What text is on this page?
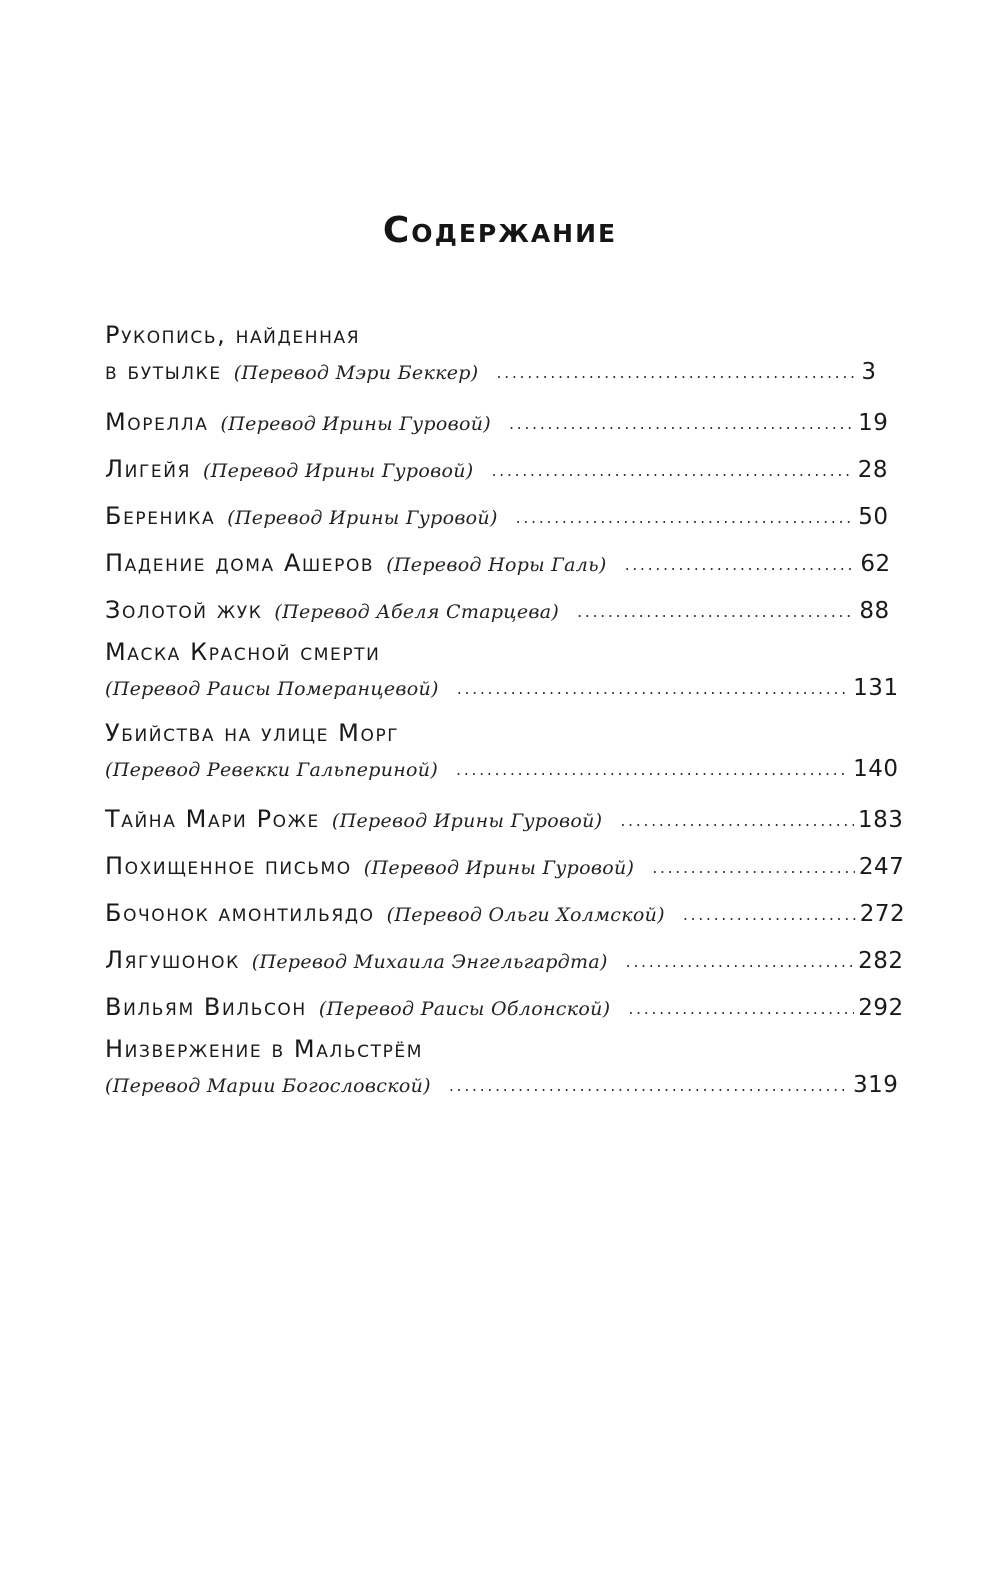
Содержание
Рукопись, найденная
в бутылке (Перевод Мэри Беккер) .....	3
Морелла (Перевод Ирины Гуровой) .....	19
Лигейя (Перевод Ирины Гуровой) .....	28
Береника (Перевод Ирины Гуровой) .....	50
Падение дома Ашеров (Перевод Норы Галь) .....	62
Золотой жук (Перевод Абеля Старцева) .....	88
Маска Красной смерти
(Перевод Раисы Померанцевой) .....	131
Убийства на улице Морг
(Перевод Ревекки Гальпериной) .....	140
Тайна Мари Роже (Перевод Ирины Гуровой) .....	183
Похищенное письмо (Перевод Ирины Гуровой) .....	247
Бочонок амонтильядо (Перевод Ольги Холмской) .....	272
Лягушонок (Перевод Михаила Энгельгардта) .....	282
Вильям Вильсон (Перевод Раисы Облонской) .....	292
Низвержение в Мальстрём
(Перевод Марии Богословской) .....	319
